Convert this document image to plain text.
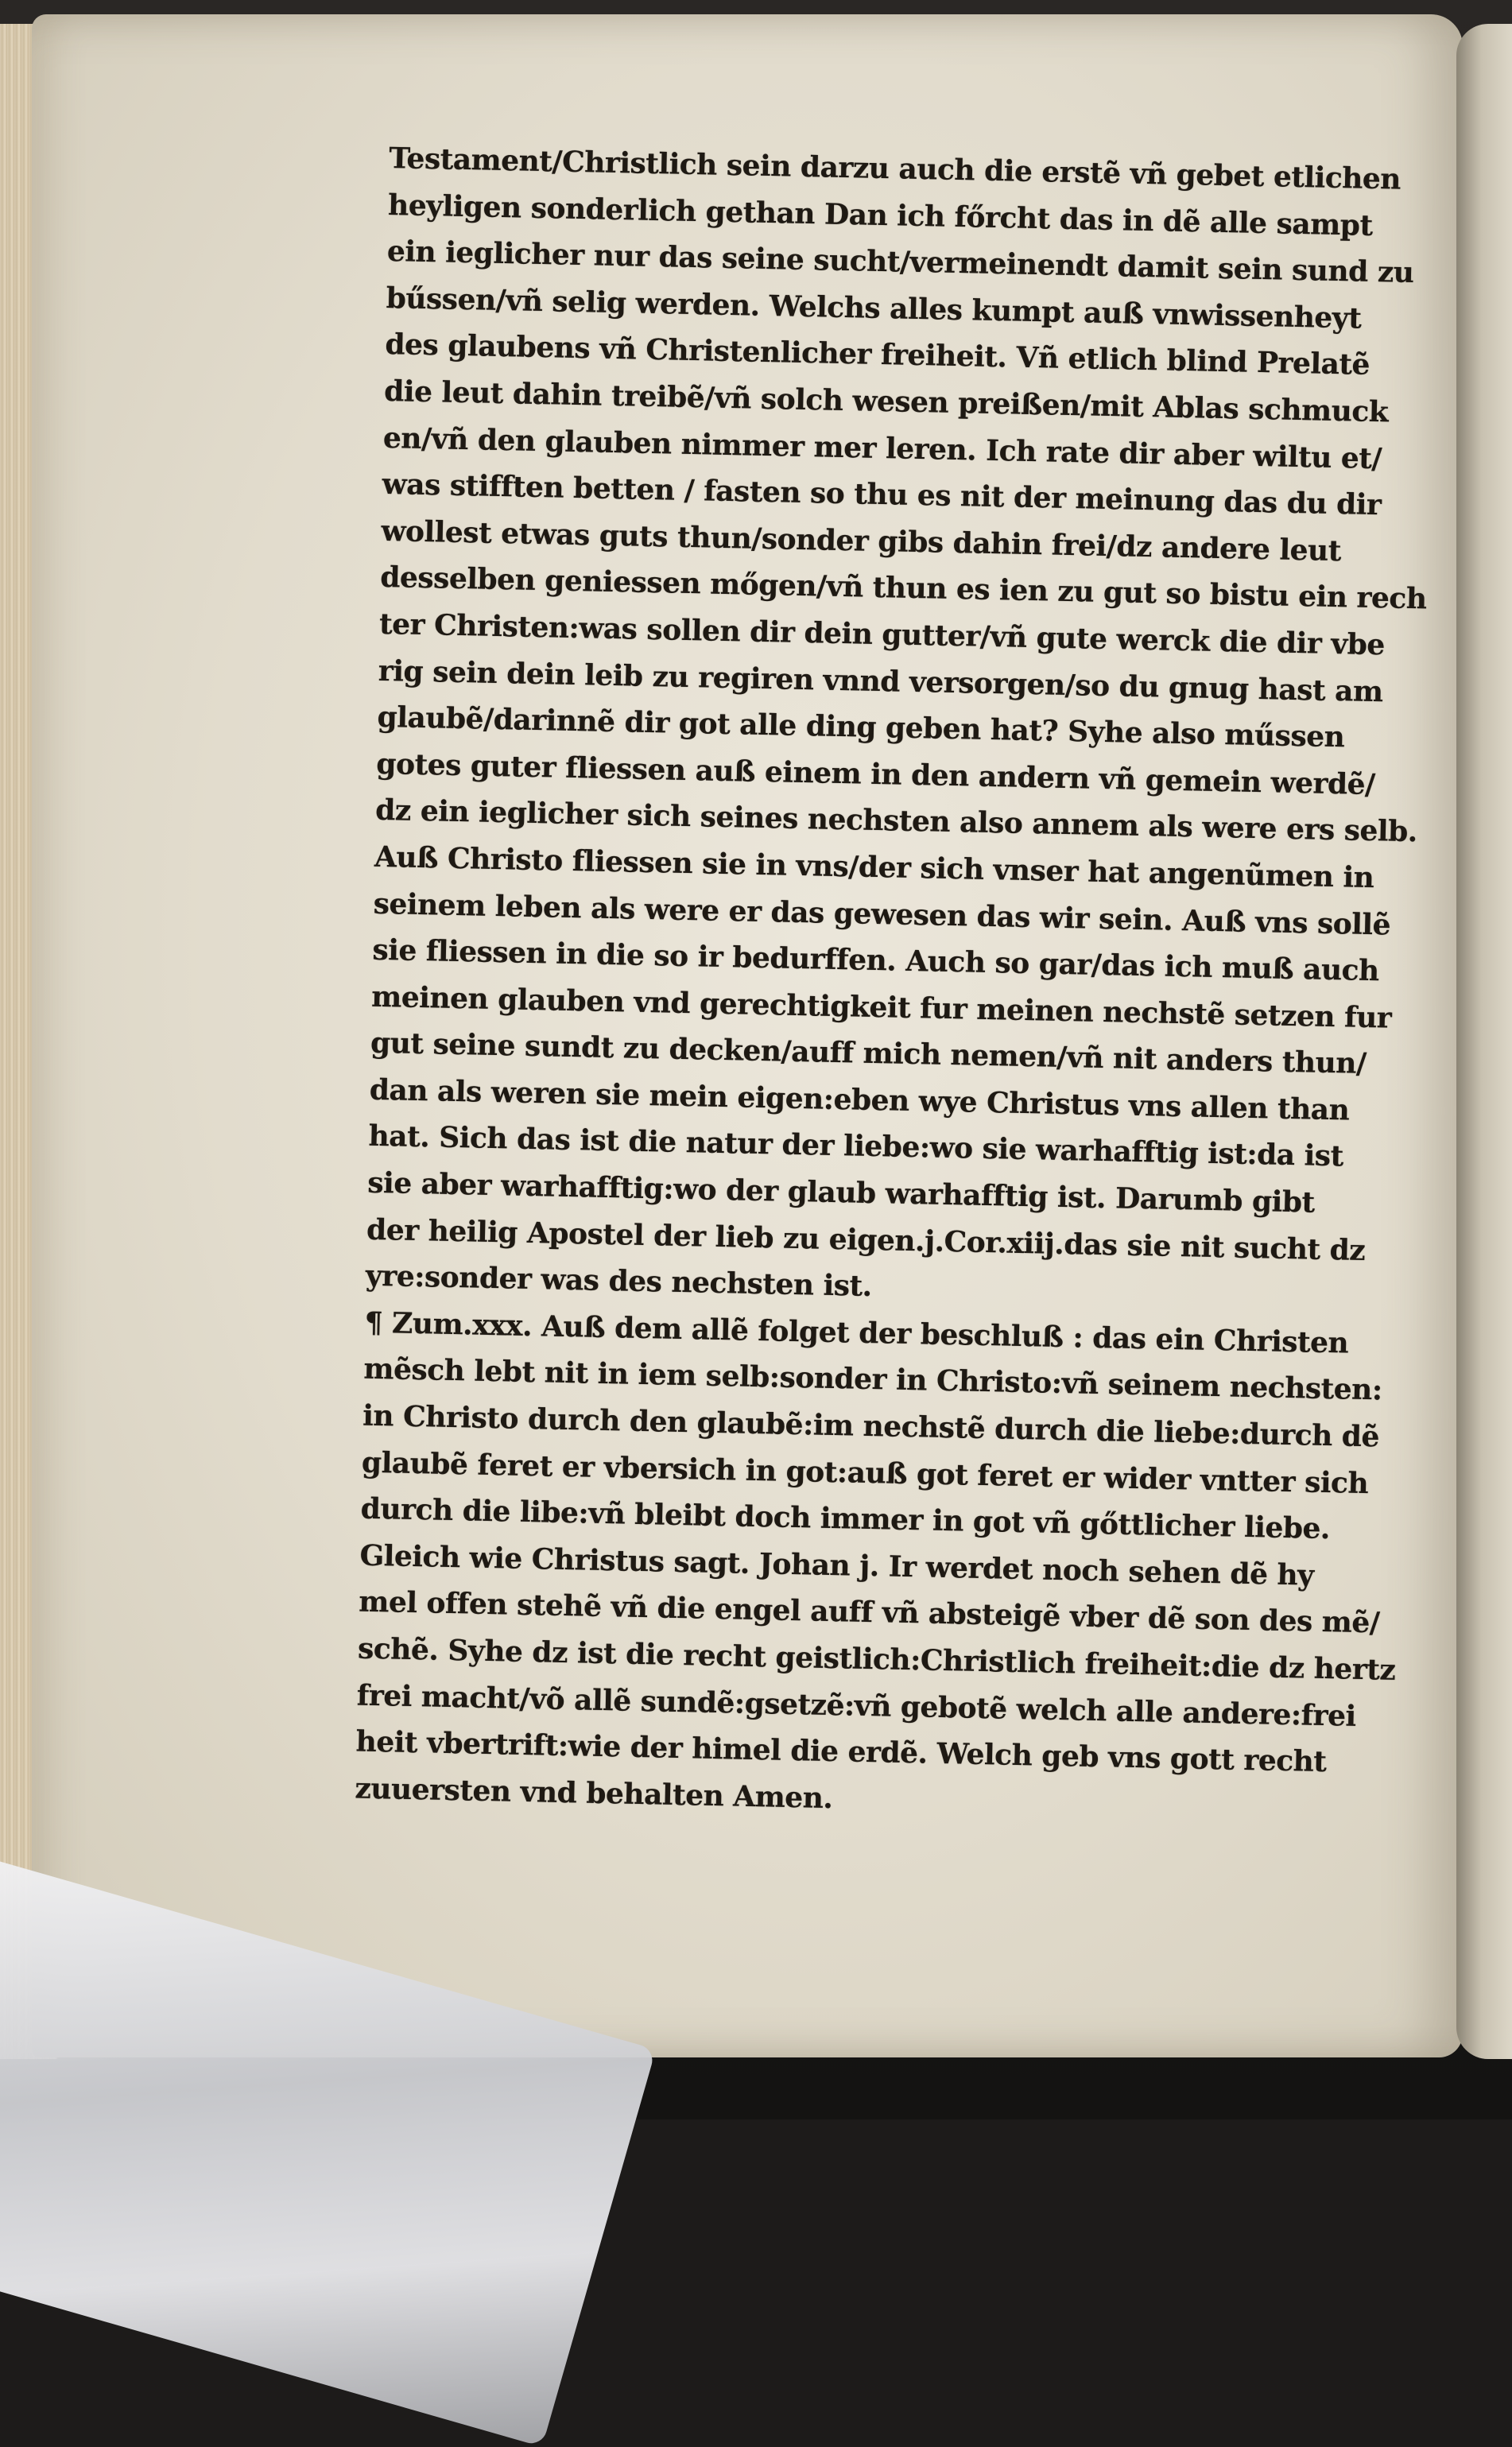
Testament/Christlich sein darzu auch die erstẽ vñ gebet etlichen
heyligen sonderlich gethan Dan ich főrcht das in dẽ alle sampt
ein ieglicher nur das seine sucht/vermeinendt damit sein sund zu
bűssen/vñ selig werden. Welchs alles kumpt auß vnwissenheyt
des glaubens vñ Christenlicher freiheit. Vñ etlich blind Prelatẽ
die leut dahin treibẽ/vñ solch wesen preißen/mit Ablas schmuck
en/vñ den glauben nimmer mer leren. Ich rate dir aber wiltu et/
was stifften betten / fasten so thu es nit der meinung das du dir
wollest etwas guts thun/sonder gibs dahin frei/dz andere leut
desselben geniessen mőgen/vñ thun es ien zu gut so bistu ein rech
ter Christen:was sollen dir dein gutter/vñ gute werck die dir vbe
rig sein dein leib zu regiren vnnd versorgen/so du gnug hast am
glaubẽ/darinnẽ dir got alle ding geben hat? Syhe also műssen
gotes guter fliessen auß einem in den andern vñ gemein werdẽ/
dz ein ieglicher sich seines nechsten also annem als were ers selb.
Auß Christo fliessen sie in vns/der sich vnser hat angenũmen in
seinem leben als were er das gewesen das wir sein. Auß vns sollẽ
sie fliessen in die so ir bedurffen. Auch so gar/das ich muß auch
meinen glauben vnd gerechtigkeit fur meinen nechstẽ setzen fur
gut seine sundt zu decken/auff mich nemen/vñ nit anders thun/
dan als weren sie mein eigen:eben wye Christus vns allen than
hat. Sich das ist die natur der liebe:wo sie warhafftig ist:da ist
sie aber warhafftig:wo der glaub warhafftig ist. Darumb gibt
der heilig Apostel der lieb zu eigen.j.Cor.xiij.das sie nit sucht dz
yre:sonder was des nechsten ist.
¶ Zum.xxx. Auß dem allẽ folget der beschluß : das ein Christen
mẽsch lebt nit in iem selb:sonder in Christo:vñ seinem nechsten:
in Christo durch den glaubẽ:im nechstẽ durch die liebe:durch dẽ
glaubẽ feret er vbersich in got:auß got feret er wider vntter sich
durch die libe:vñ bleibt doch immer in got vñ gőttlicher liebe.
Gleich wie Christus sagt. Johan j. Ir werdet noch sehen dẽ hy
mel offen stehẽ vñ die engel auff vñ absteigẽ vber dẽ son des mẽ/
schẽ. Syhe dz ist die recht geistlich:Christlich freiheit:die dz hertz
frei macht/võ allẽ sundẽ:gsetzẽ:vñ gebotẽ welch alle andere:frei
heit vbertrift:wie der himel die erdẽ. Welch geb vns gott recht
zuuersten vnd behalten Amen.
